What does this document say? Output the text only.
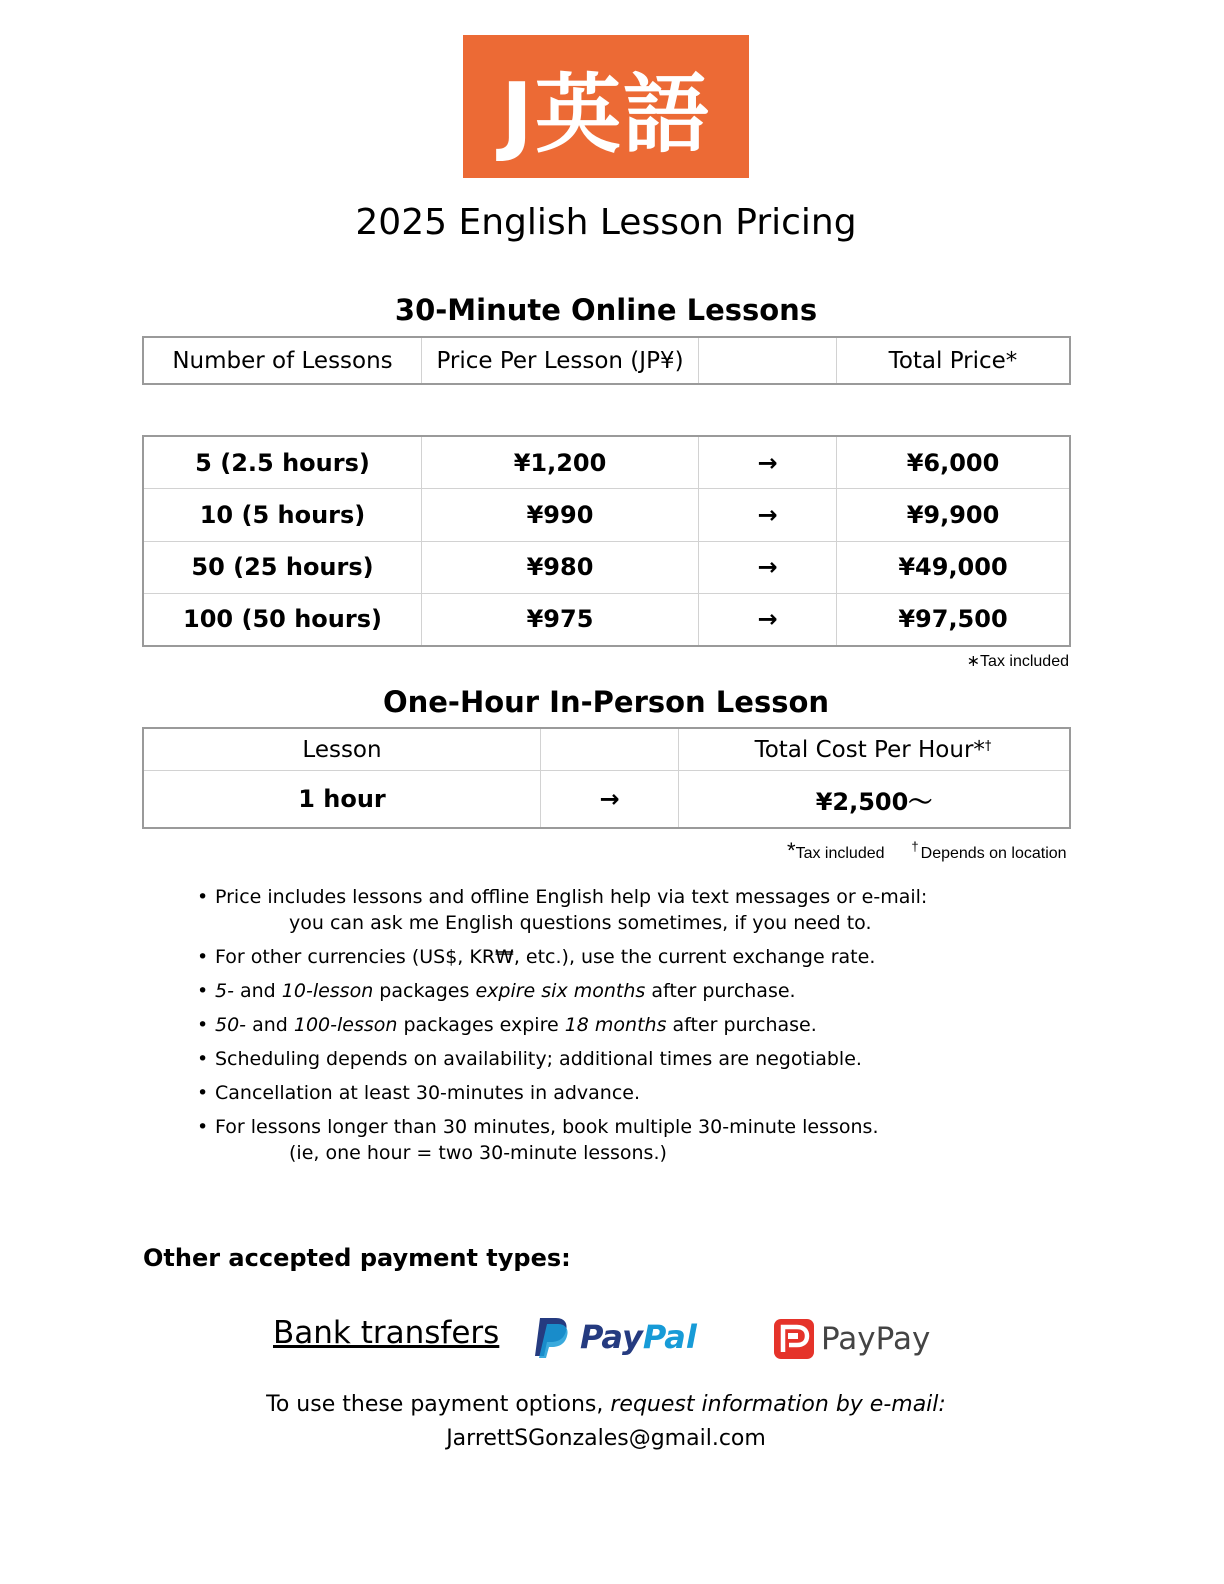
J英語
2025 English Lesson Pricing
30-Minute Online Lessons
Number of Lessons	Price Per Lesson (JP¥)		Total Price*
5 (2.5 hours)	¥1,200	→	¥6,000
10 (5 hours)	¥990	→	¥9,900
50 (25 hours)	¥980	→	¥49,000
100 (50 hours)	¥975	→	¥97,500
∗Tax included
One-Hour In-Person Lesson
Lesson		Total Cost Per Hour*†
1 hour	→	¥2,500〜
*Tax included † Depends on location
• Price includes lessons and offline English help via text messages or e-mail:
you can ask me English questions sometimes, if you need to.
• For other currencies (US$, KR₩, etc.), use the current exchange rate.
• 5- and 10-lesson packages expire six months after purchase.
• 50- and 100-lesson packages expire 18 months after purchase.
• Scheduling depends on availability; additional times are negotiable.
• Cancellation at least 30-minutes in advance.
• For lessons longer than 30 minutes, book multiple 30-minute lessons.
(ie, one hour = two 30-minute lessons.)
Other accepted payment types:
Bank transfers	PayPal	PayPay
To use these payment options, request information by e-mail:
JarrettSGonzales@gmail.com
